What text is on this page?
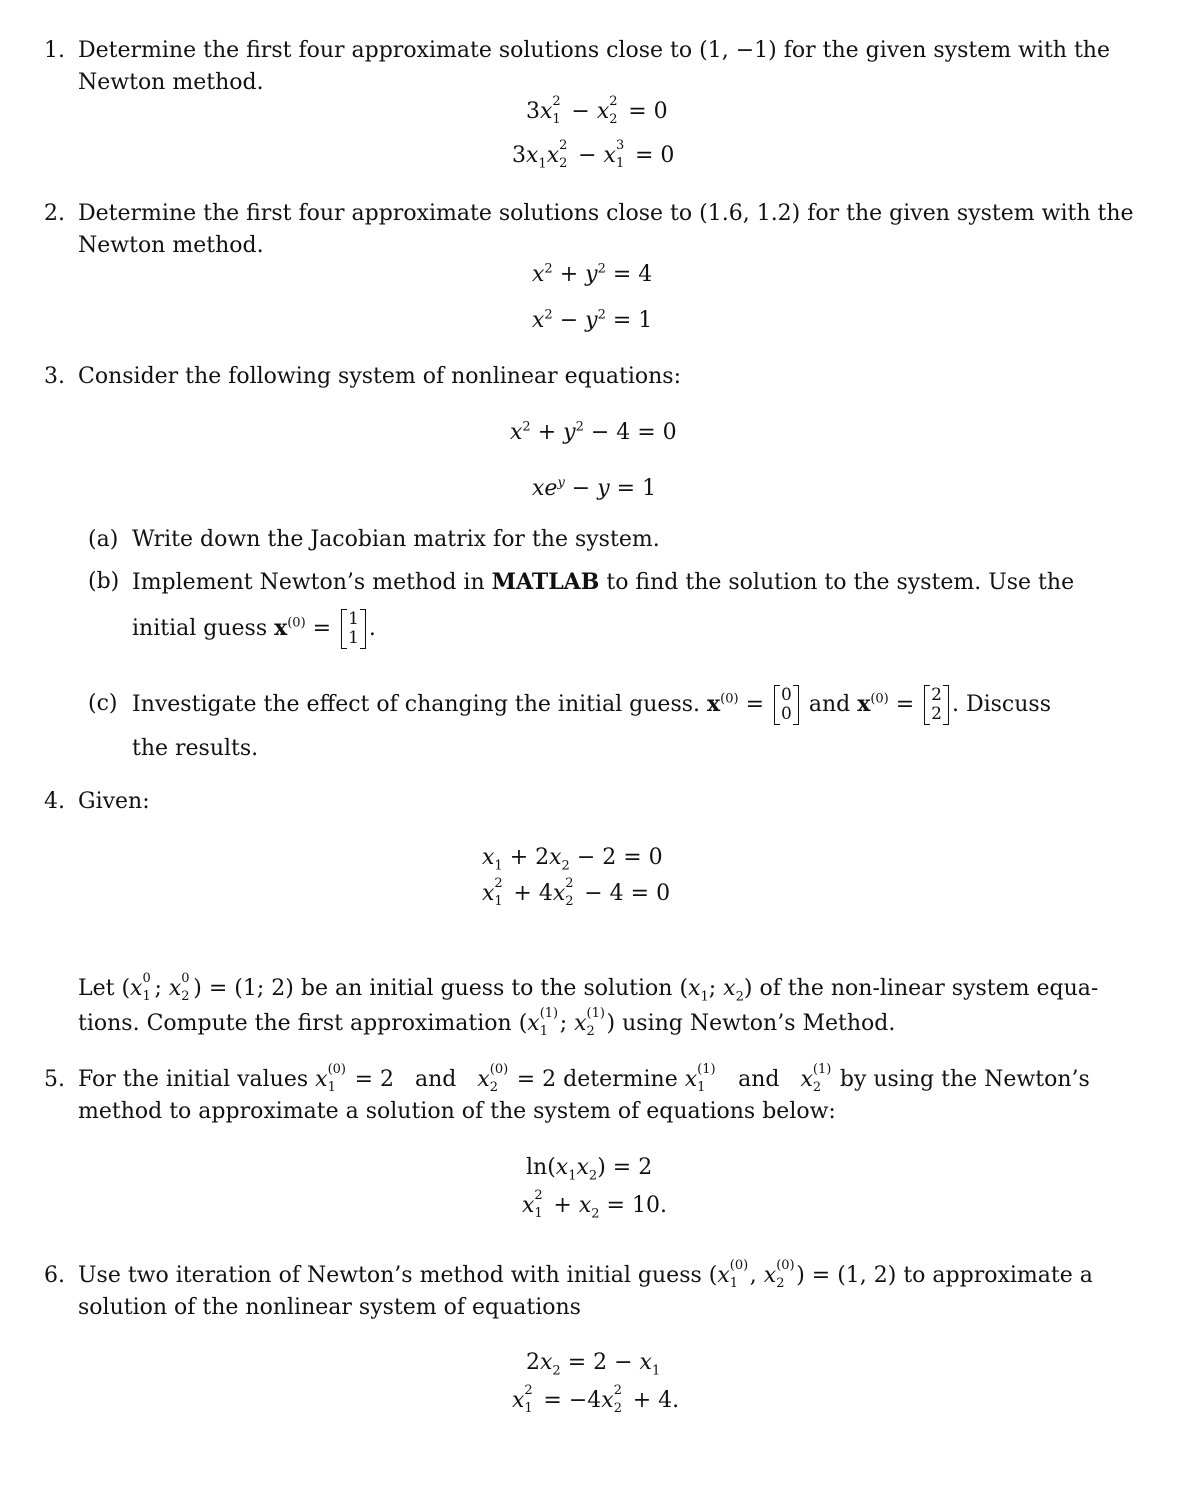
1. Determine the first four approximate solutions close to (1, −1) for the given system with the
Newton method.
3x 2
1 − x 2
2 = 0
$3x_1x$ 2
2 − x 3
1 = 0
2. Determine the first four approximate solutions close to (1.6, 1.2) for the given system with the
Newton method.
$x^2 + y^2 = 4$
$x^2 - y^2 = 1$
3. Consider the following system of nonlinear equations:
$x^2 + y^2 - 4 = 0$
$xe^y - y = 1$
(a) Write down the Jacobian matrix for the system.
(b) Implement Newton’s method in MATLAB to find the solution to the system. Use the
initial guess $x^{(0)} = 1$
1 .
(c) Investigate the effect of changing the initial guess. $x^{(0)} = 0$
0 and $x^{(0)} = 2$
2 . Discuss
the results.
4. Given:
$x_1 + 2x_2 - 2 = 0$
x 2
1 + 4x 2
2 − 4 = 0
Let (x 0
1 ; x 0
2 ) = (1; 2) be an initial guess to the solution ($x_1$; $x_2$) of the non-linear system equa-
tions. Compute the first approximation (x (1)
1 ; x (1)
2 ) using Newton’s Method.
5. For the initial values x (0)
1 = 2   and   x (0)
2 = 2 determine x (1)
1 and   x (1)
2 by using the Newton’s
method to approximate a solution of the system of equations below:
$\ln(x_1x_2) = 2$
x 2
$1 + x_2 = 10$.
6. Use two iteration of Newton’s method with initial guess (x (0)
1 , x (0)
2 ) = (1, 2) to approximate a
solution of the nonlinear system of equations
$2x_2 = 2 - x_1$
x 2
1 = −4x 2
2 + 4.
